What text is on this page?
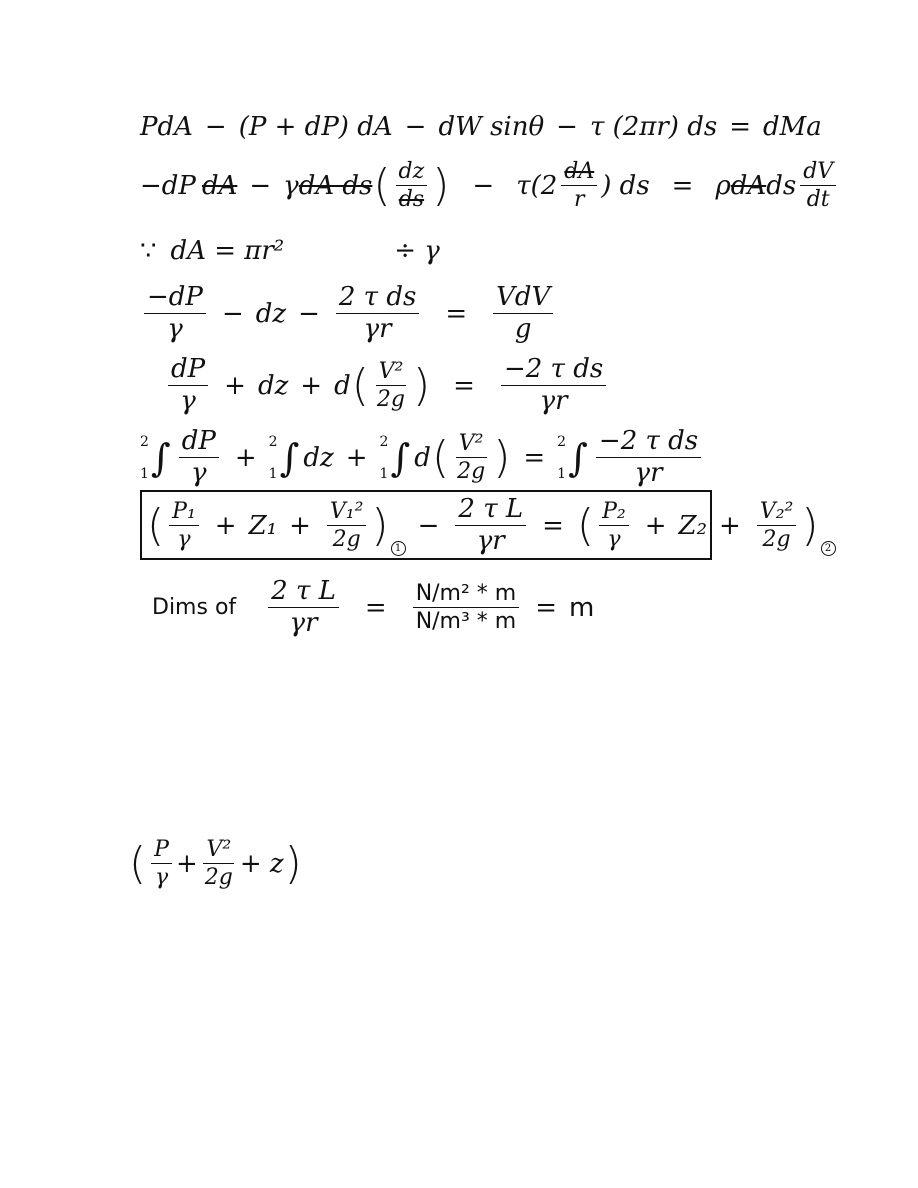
PdA − (P + dP) dA − dW sinθ − τ (2πr) ds = dMa
−dP dA − γ dA ds ( $\frac{dz}{ds}$ ) − $\tau(2 \frac{dA}{r}$ ) ds = ρ dA ds $\frac{dV}{dt}$
∵ dA = πr²	÷ γ
$\frac{-dP}{\gamma}$ − dz − $\frac{\text{2 τ ds}}{\gamma r} = \frac{\text{VdV}}{g}$
$\frac{dP}{\gamma}$ + dz + d ( $\frac{\text{V²}}{2g}$ ) = $\frac{\text{−2 τ ds}}{\gamma r}$
2
1 ∫ $\frac{dP}{\gamma}$ +
2
1 ∫ dz +
2
1 ∫ d ( $\frac{\text{V²}}{2g}$ ) =
2
1 ∫ $\frac{\text{−2 τ ds}}{\gamma r}$
( $\frac{\text{P₁}}{\gamma} + Z_1 + \frac{\text{V₁²}}{2g}$ ) 1
− $\frac{\text{2 τ L}}{\gamma r}$ = ( $\frac{\text{P₂}}{\gamma} + Z_2 + \frac{\text{V₂²}}{2g}$ ) 2
Dims of $\frac{\text{2 τ L}}{\gamma r} = \frac{\text{N/m² * m}}{\text{N/m³ * m}} = m$
( $\frac{P}{\gamma} + \frac{\text{V²}}{2g} + z$ )
